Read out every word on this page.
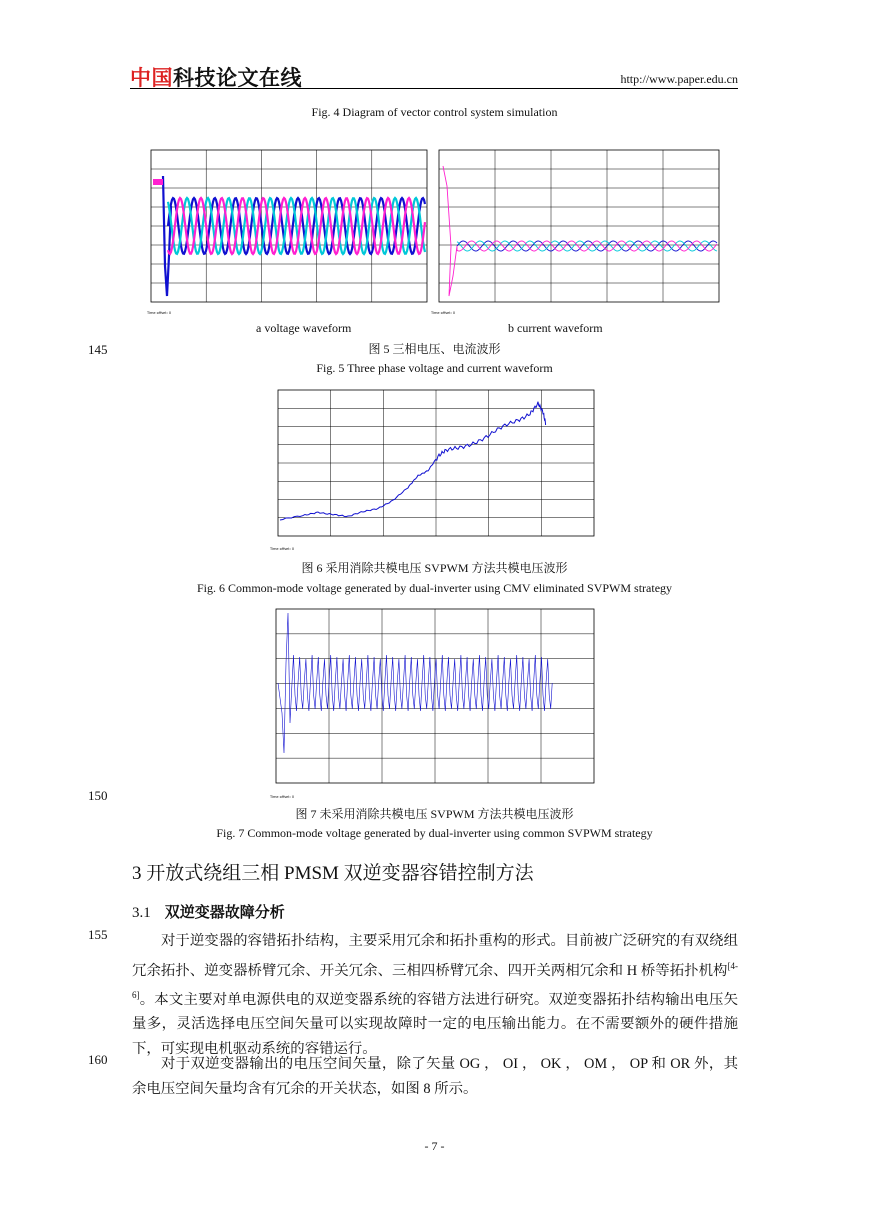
中国科技论文在线	http://www.paper.edu.cn
Fig. 4 Diagram of vector control system simulation
Time offset: 0	Time offset: 0
a voltage waveform	b current waveform
145	图 5 三相电压、电流波形
Fig. 5 Three phase voltage and current waveform
Time offset: 0
图 6 采用消除共模电压 SVPWM 方法共模电压波形
Fig. 6 Common-mode voltage generated by dual-inverter using CMV eliminated SVPWM strategy
Time offset: 0
150
图 7 未采用消除共模电压 SVPWM 方法共模电压波形
Fig. 7 Common-mode voltage generated by dual-inverter using common SVPWM strategy
3 开放式绕组三相 PMSM 双逆变器容错控制方法
3.1 双逆变器故障分析
155	对于逆变器的容错拓扑结构，主要采用冗余和拓扑重构的形式。目前被广泛研究的有双绕组冗余拓扑、逆变器桥臂冗余、开关冗余、三相四桥臂冗余、四开关两相冗余和 H 桥等拓扑机构[4-6]。本文主要对单电源供电的双逆变器系统的容错方法进行研究。双逆变器拓扑结构输出电压矢量多，灵活选择电压空间矢量可以实现故障时一定的电压输出能力。在不需要额外的硬件措施下，可实现电机驱动系统的容错运行。
160	对于双逆变器输出的电压空间矢量，除了矢量 OG ， OI ， OK ， OM ， OP 和 OR 外，其余电压空间矢量均含有冗余的开关状态，如图 8 所示。
- 7 -
